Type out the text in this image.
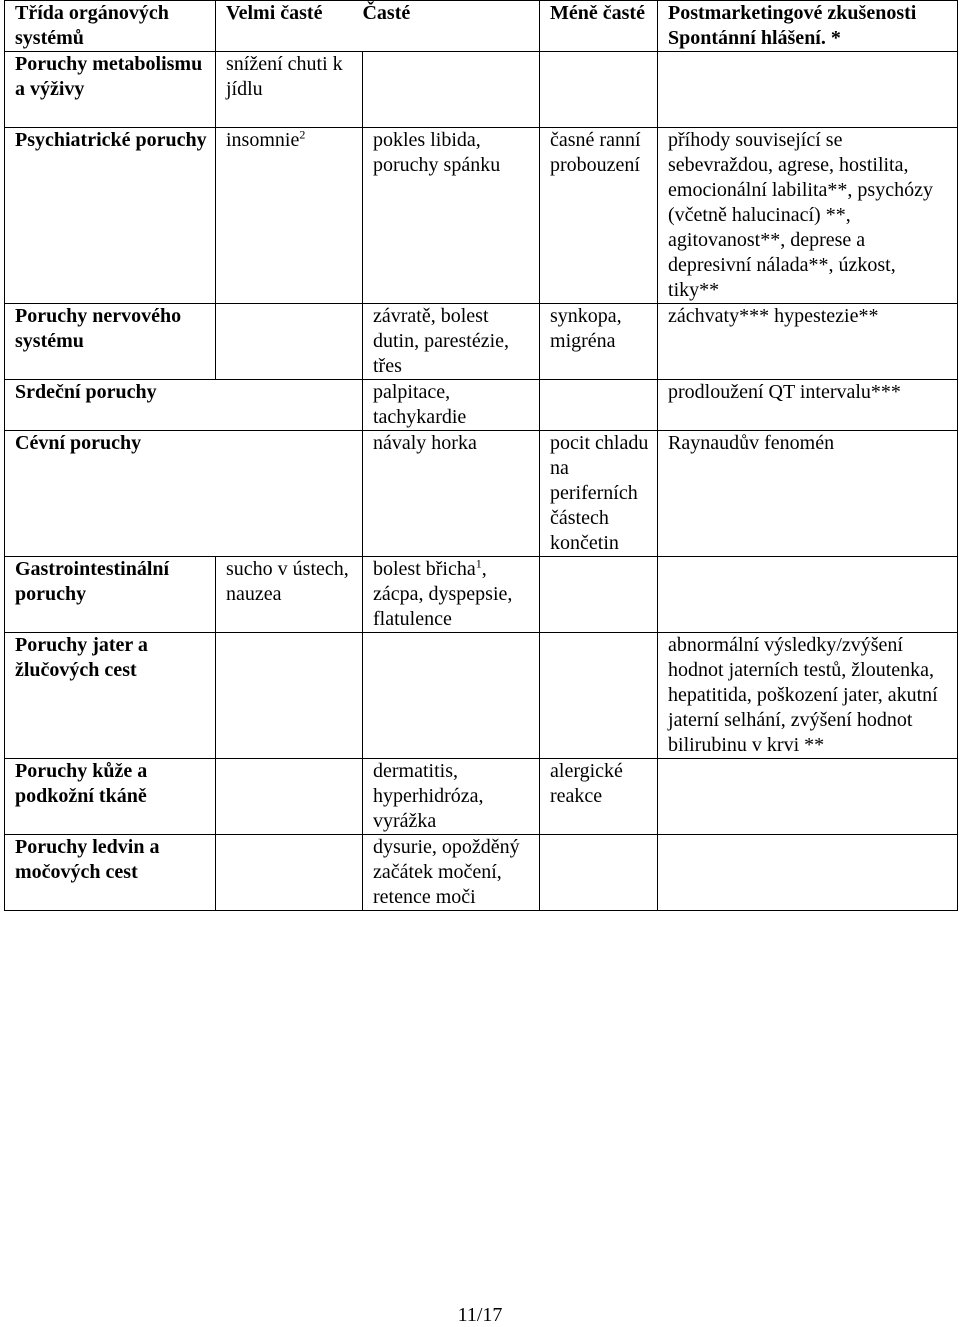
Třída orgánových systémů	Velmi časté Časté		Méně časté	Postmarketingové zkušenosti
Spontánní hlášení. *
Poruchy metabolismu a výživy	snížení chuti k jídlu			
Psychiatrické poruchy	insomnie$^2$	pokles libida, poruchy spánku	časné ranní probouzení	příhody související se sebevraždou, agrese, hostilita, emocionální labilita**, psychózy (včetně halucinací) **, agitovanost**, deprese a depresivní nálada**, úzkost, tiky**
Poruchy nervového systému		závratě, bolest dutin, parestézie, třes	synkopa, migréna	záchvaty*** hypestezie**
Srdeční poruchy		palpitace, tachykardie		prodloužení QT intervalu***
Cévní poruchy		návaly horka	pocit chladu na periferních částech končetin	Raynaudův fenomén
Gastrointestinální poruchy	sucho v ústech, nauzea	bolest břicha$^1$, zácpa, dyspepsie, flatulence		
Poruchy jater a žlučových cest				abnormální výsledky/zvýšení hodnot jaterních testů, žloutenka, hepatitida, poškození jater, akutní jaterní selhání, zvýšení hodnot bilirubinu v krvi **
Poruchy kůže a podkožní tkáně		dermatitis, hyperhidróza, vyrážka	alergické reakce	
Poruchy ledvin a močových cest		dysurie, opožděný začátek močení, retence moči		
11/17
